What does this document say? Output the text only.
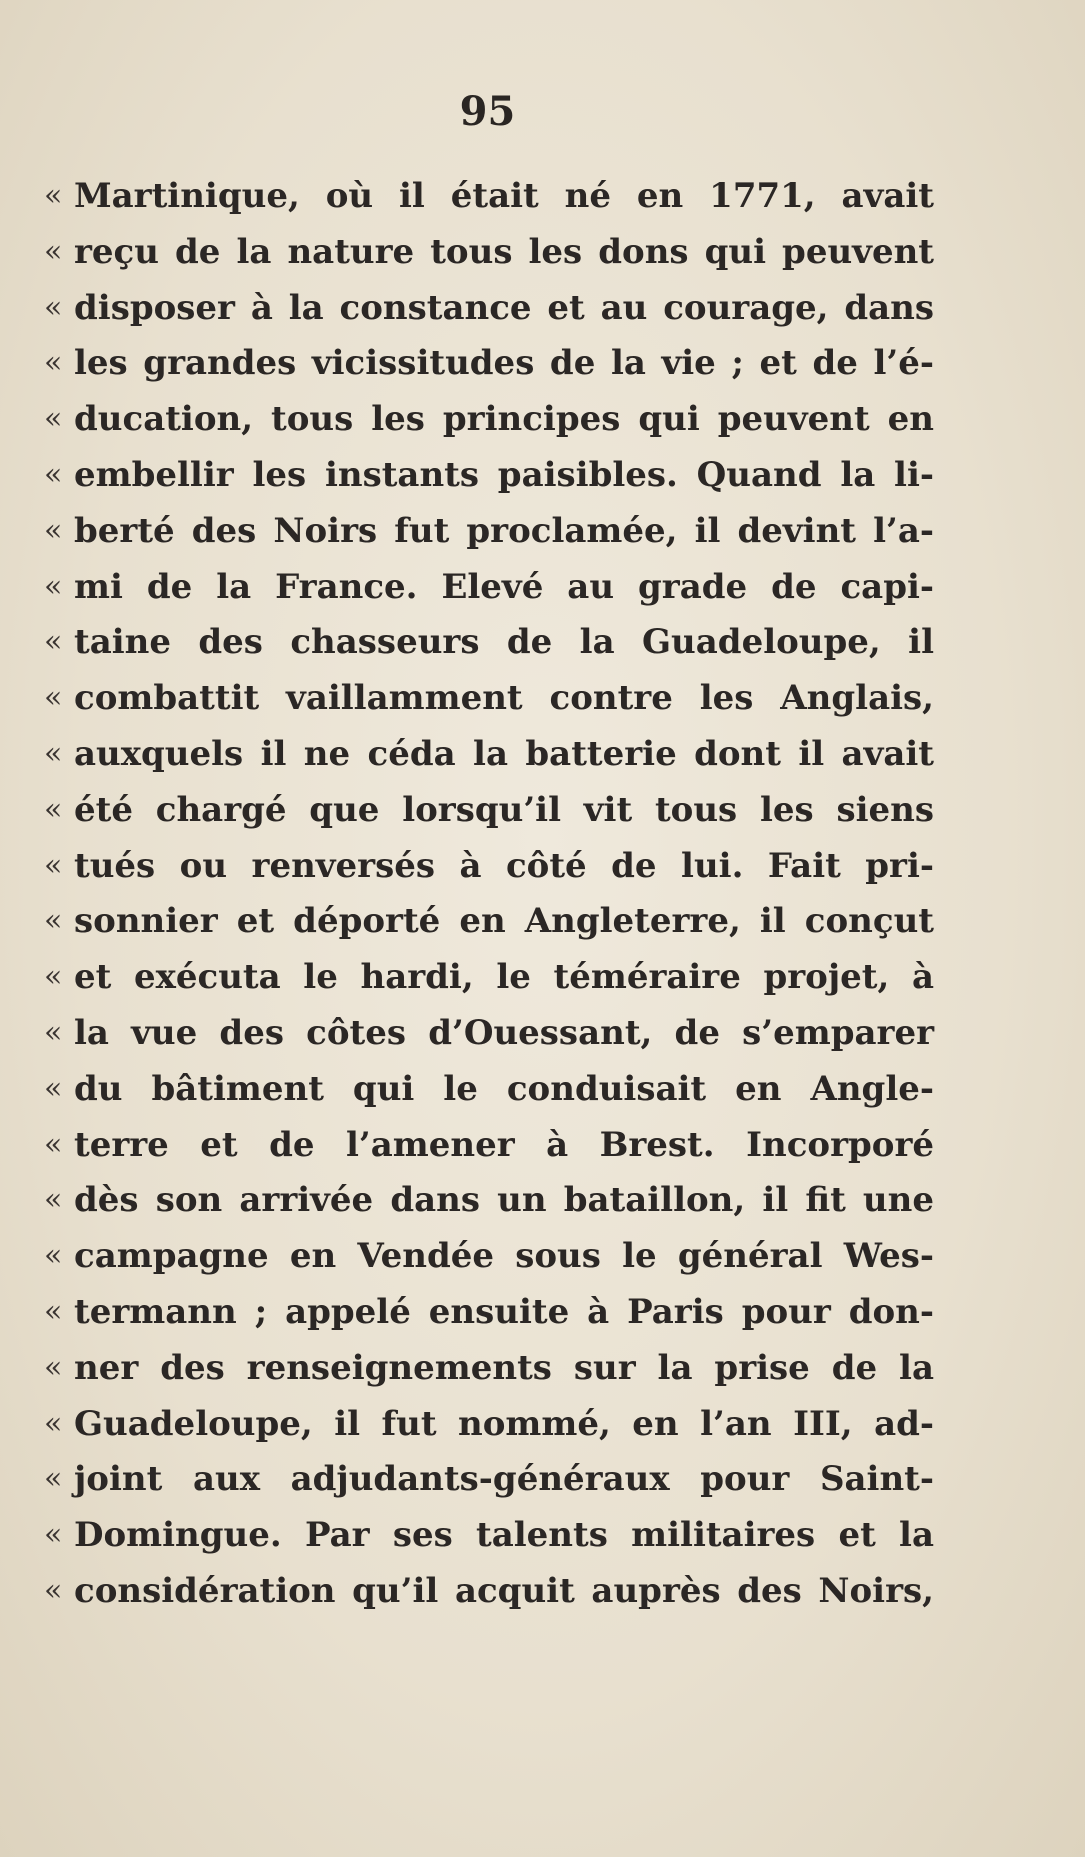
95
« Martinique, où il était né en 1771, avait
« reçu de la nature tous les dons qui peuvent
« disposer à la constance et au courage, dans
« les grandes vicissitudes de la vie ; et de l’é-
« ducation, tous les principes qui peuvent en
« embellir les instants paisibles. Quand la li-
« berté des Noirs fut proclamée, il devint l’a-
« mi de la France. Elevé au grade de capi-
« taine des chasseurs de la Guadeloupe, il
« combattit vaillamment contre les Anglais,
« auxquels il ne céda la batterie dont il avait
« été chargé que lorsqu’il vit tous les siens
« tués ou renversés à côté de lui. Fait pri-
« sonnier et déporté en Angleterre, il conçut
« et exécuta le hardi, le téméraire projet, à
« la vue des côtes d’Ouessant, de s’emparer
« du bâtiment qui le conduisait en Angle-
« terre et de l’amener à Brest. Incorporé
« dès son arrivée dans un bataillon, il fit une
« campagne en Vendée sous le général Wes-
« termann ; appelé ensuite à Paris pour don-
« ner des renseignements sur la prise de la
« Guadeloupe, il fut nommé, en l’an III, ad-
« joint aux adjudants-généraux pour Saint-
« Domingue. Par ses talents militaires et la
« considération qu’il acquit auprès des Noirs,
